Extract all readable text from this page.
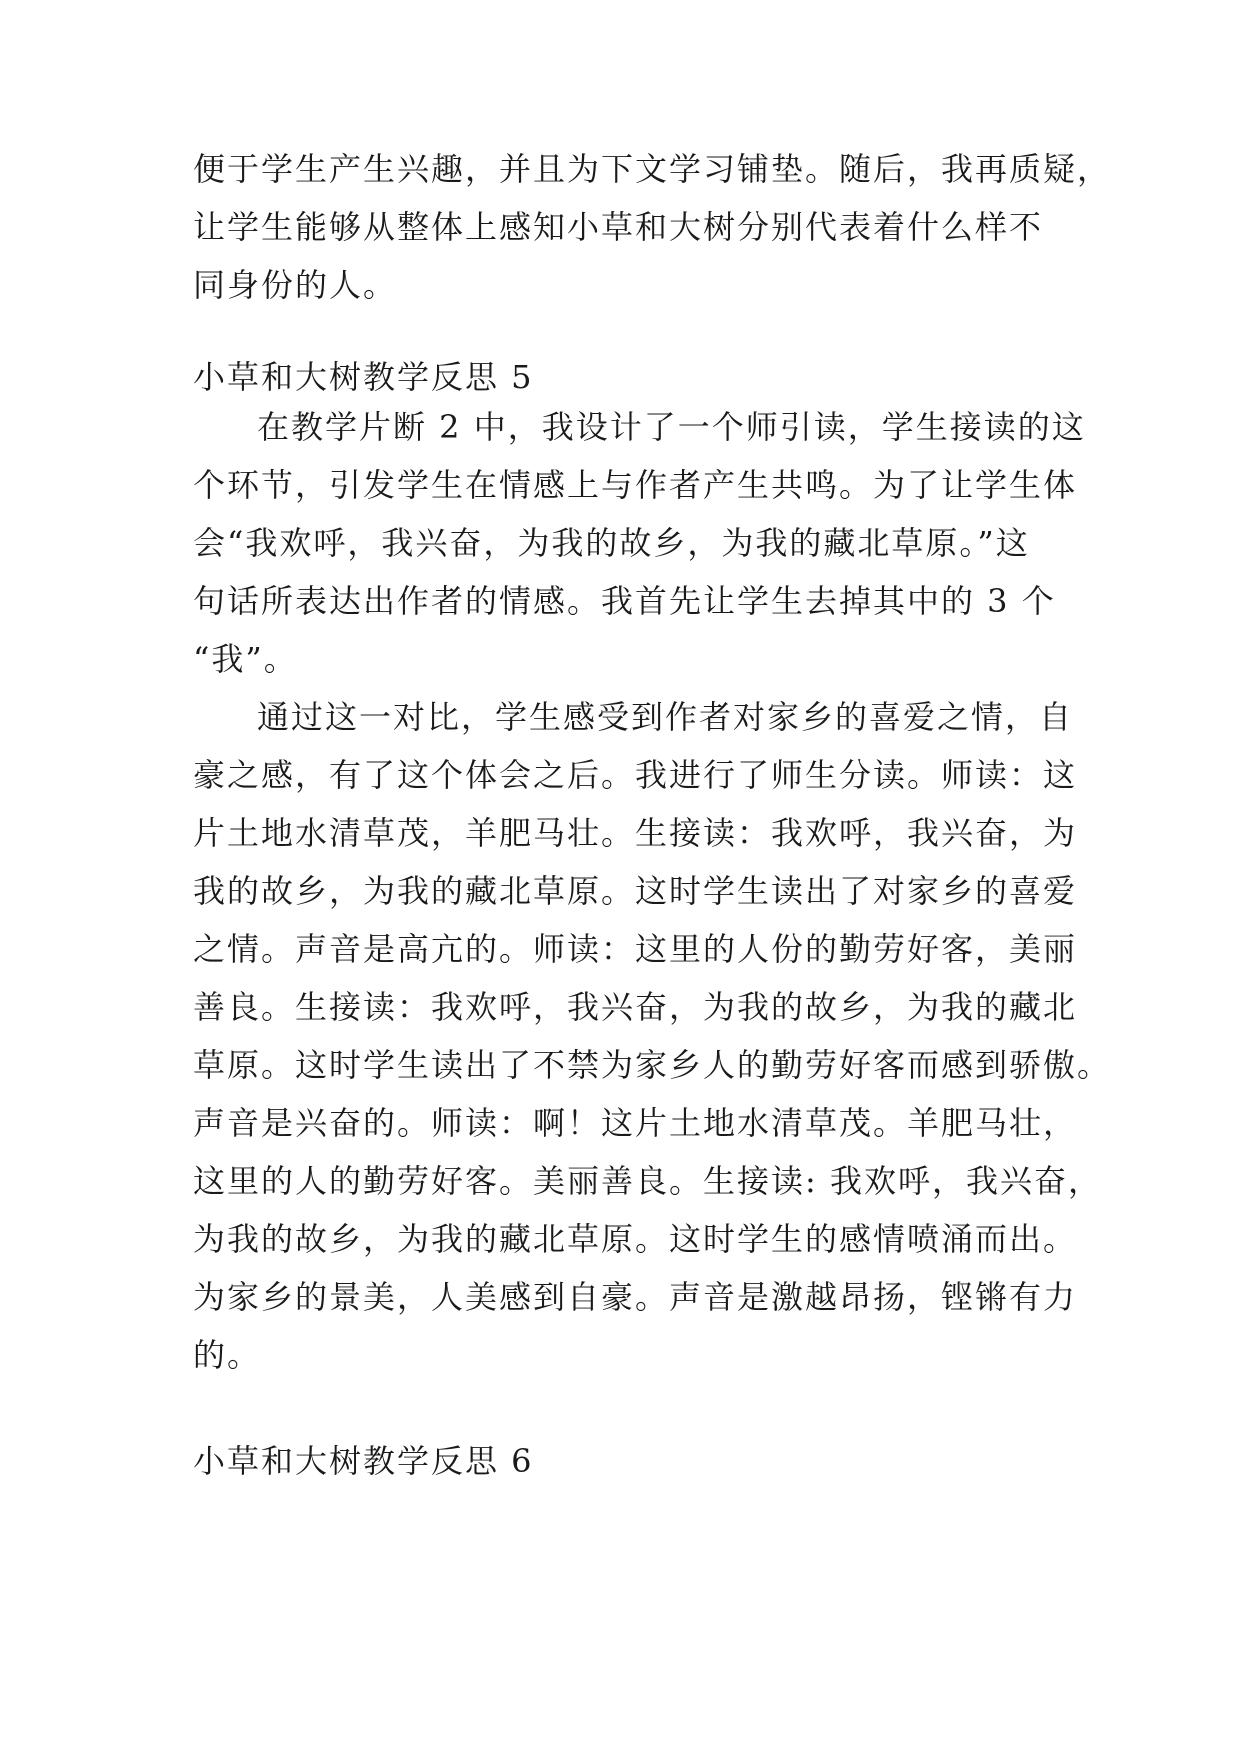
便于学生产生兴趣，并且为下文学习铺垫。随后，我再质疑，
让学生能够从整体上感知小草和大树分别代表着什么样不
同身份的人。
小草和大树教学反思 5
在教学片断 2 中，我设计了一个师引读，学生接读的这
个环节，引发学生在情感上与作者产生共鸣。为了让学生体
会“我欢呼，我兴奋，为我的故乡，为我的藏北草原。”这
句话所表达出作者的情感。我首先让学生去掉其中的 3 个
“我”。
通过这一对比，学生感受到作者对家乡的喜爱之情，自
豪之感，有了这个体会之后。我进行了师生分读。师读：这
片土地水清草茂，羊肥马壮。生接读：我欢呼，我兴奋，为
我的故乡，为我的藏北草原。这时学生读出了对家乡的喜爱
之情。声音是高亢的。师读：这里的人份的勤劳好客，美丽
善良。生接读：我欢呼，我兴奋，为我的故乡，为我的藏北
草原。这时学生读出了不禁为家乡人的勤劳好客而感到骄傲。
声音是兴奋的。师读：啊！这片土地水清草茂。羊肥马壮，
这里的人的勤劳好客。美丽善良。生接读: 我欢呼，我兴奋，
为我的故乡，为我的藏北草原。这时学生的感情喷涌而出。
为家乡的景美，人美感到自豪。声音是激越昂扬，铿锵有力
的。
小草和大树教学反思 6
